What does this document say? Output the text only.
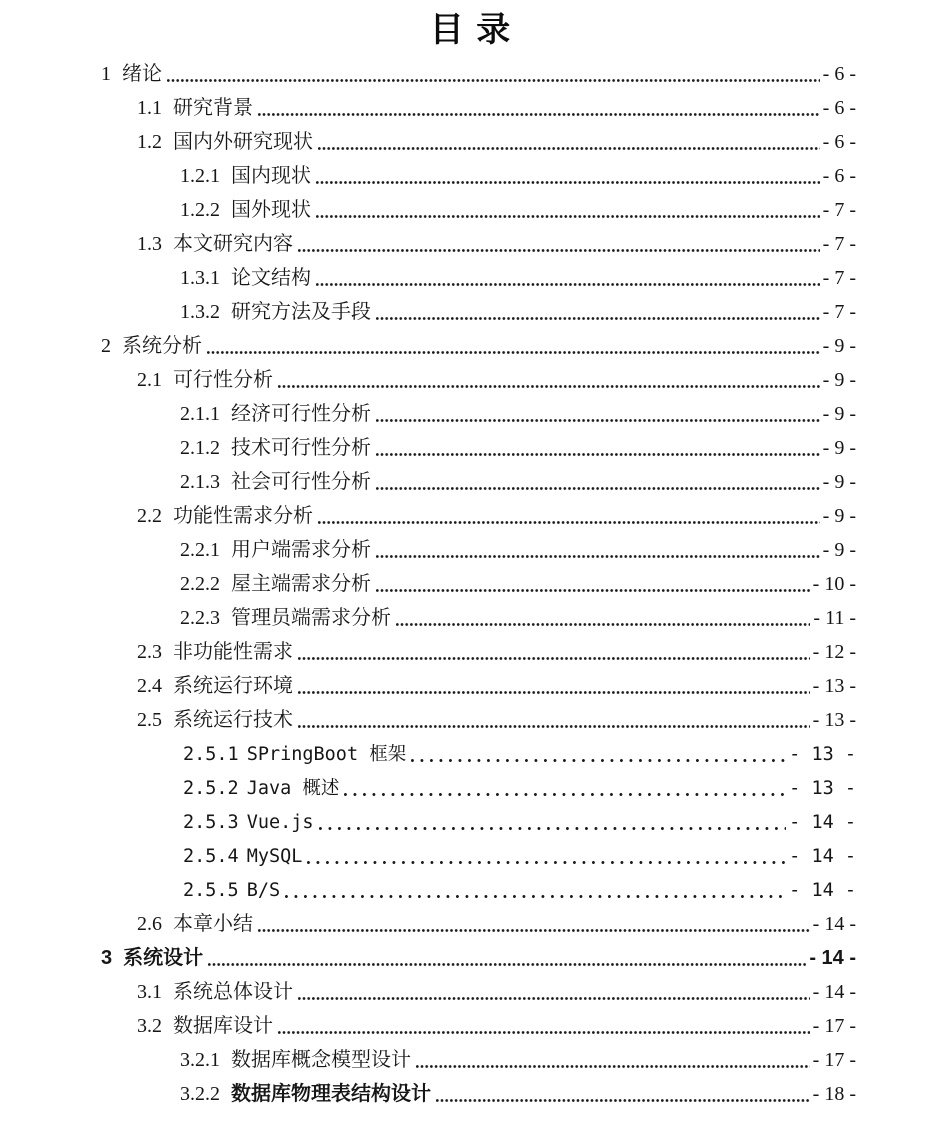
目 录
1 绪论	- 6 -
1.1 研究背景	- 6 -
1.2 国内外研究现状	- 6 -
1.2.1 国内现状	- 6 -
1.2.2 国外现状	- 7 -
1.3 本文研究内容	- 7 -
1.3.1 论文结构	- 7 -
1.3.2 研究方法及手段	- 7 -
2 系统分析	- 9 -
2.1 可行性分析	- 9 -
2.1.1 经济可行性分析	- 9 -
2.1.2 技术可行性分析	- 9 -
2.1.3 社会可行性分析	- 9 -
2.2 功能性需求分析	- 9 -
2.2.1 用户端需求分析	- 9 -
2.2.2 屋主端需求分析	- 10 -
2.2.3 管理员端需求分析	- 11 -
2.3 非功能性需求	- 12 -
2.4 系统运行环境	- 13 -
2.5 系统运行技术	- 13 -
2.5.1 SPringBoot 框架	- 13 -
2.5.2 Java 概述	- 13 -
2.5.3 Vue.js	- 14 -
2.5.4 MySQL	- 14 -
2.5.5 B/S	- 14 -
2.6 本章小结	- 14 -
3 系统设计	- 14 -
3.1 系统总体设计	- 14 -
3.2 数据库设计	- 17 -
3.2.1 数据库概念模型设计	- 17 -
3.2.2 数据库物理表结构设计	- 18 -
